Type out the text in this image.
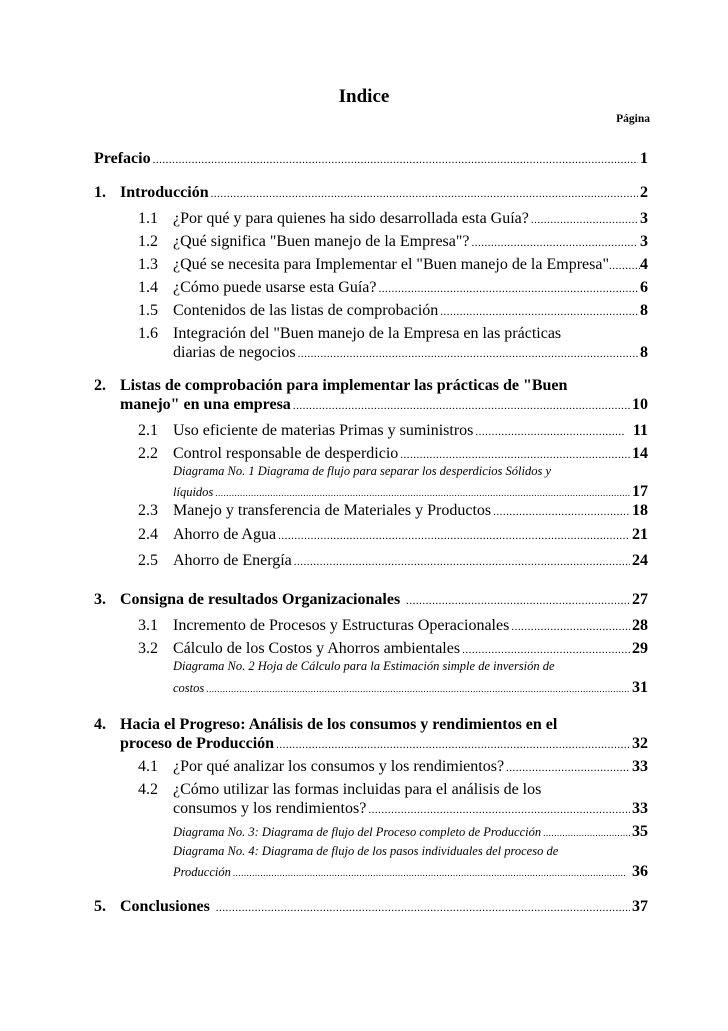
Indice
Página
Prefacio .....	1
1. Introducción .....	2
1.1 ¿Por qué y para quienes ha sido desarrollada esta Guía? .....	3
1.2 ¿Qué significa "Buen manejo de la Empresa"? .....	3
1.3 ¿Qué se necesita para Implementar el "Buen manejo de la Empresa" ..... 4
1.4 ¿Cómo puede usarse esta Guía? .....	6
1.5 Contenidos de las listas de comprobación .....	8
1.6 Integración del "Buen manejo de la Empresa en las prácticas
diarias de negocios .....	8
2. Listas de comprobación para implementar las prácticas de "Buen
manejo" en una empresa .....	10
2.1 Uso eficiente de materias Primas y suministros .....	11
2.2 Control responsable de desperdicio .....	14
Diagrama No. 1 Diagrama de flujo para separar los desperdicios Sólidos y
líquidos .....	17
2.3 Manejo y transferencia de Materiales y Productos .....	18
2.4 Ahorro de Agua .....	21
2.5 Ahorro de Energía .....	24
3. Consigna de resultados Organizacionales .....	27
3.1 Incremento de Procesos y Estructuras Operacionales .....	28
3.2 Cálculo de los Costos y Ahorros ambientales .....	29
Diagrama No. 2 Hoja de Cálculo para la Estimación simple de inversión de
costos .....	31
4. Hacia el Progreso: Análisis de los consumos y rendimientos en el
proceso de Producción .....	32
4.1 ¿Por qué analizar los consumos y los rendimientos? .....	33
4.2 ¿Cómo utilizar las formas incluidas para el análisis de los
consumos y los rendimientos? .....	33
Diagrama No. 3: Diagrama de flujo del Proceso completo de Producción .....	35
Diagrama No. 4: Diagrama de flujo de los pasos individuales del proceso de
Producción .....	36
5. Conclusiones .....	37
